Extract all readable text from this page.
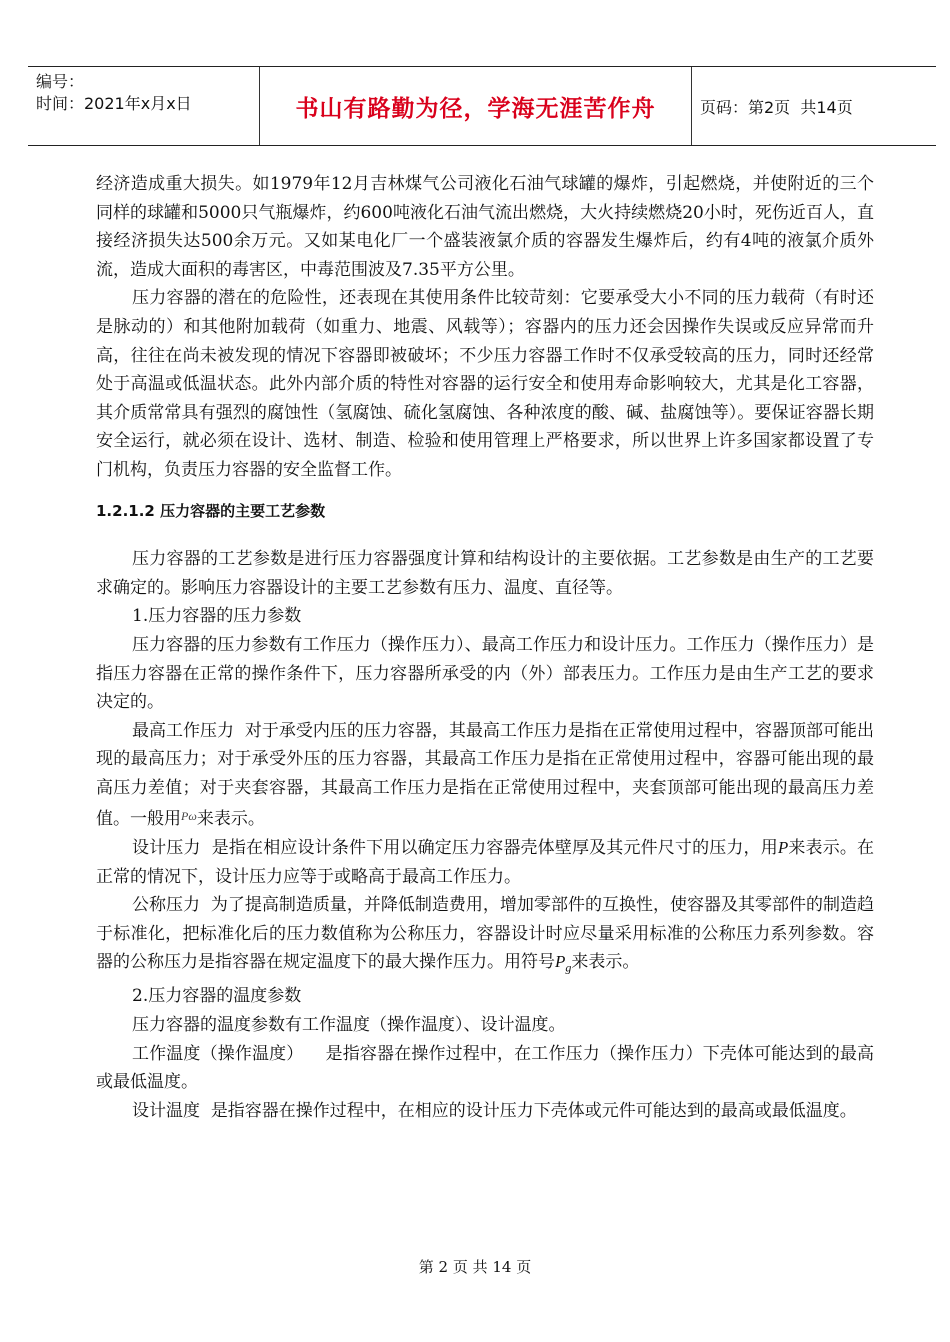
编号：
时间：2021年x月x日	书山有路勤为径，学海无涯苦作舟	页码：第2页  共14页

经济造成重大损失。如1979年12月吉林煤气公司液化石油气球罐的爆炸，引起燃烧，并使附近的三个同样的球罐和5000只气瓶爆炸，约600吨液化石油气流出燃烧，大火持续燃烧20小时，死伤近百人，直接经济损失达500余万元。又如某电化厂一个盛装液氯介质的容器发生爆炸后，约有4吨的液氯介质外流，造成大面积的毒害区，中毒范围波及7.35平方公里。

压力容器的潜在的危险性，还表现在其使用条件比较苛刻：它要承受大小不同的压力载荷（有时还是脉动的）和其他附加载荷（如重力、地震、风载等）；容器内的压力还会因操作失误或反应异常而升高，往往在尚未被发现的情况下容器即被破坏；不少压力容器工作时不仅承受较高的压力，同时还经常处于高温或低温状态。此外内部介质的特性对容器的运行安全和使用寿命影响较大，尤其是化工容器，其介质常常具有强烈的腐蚀性（氢腐蚀、硫化氢腐蚀、各种浓度的酸、碱、盐腐蚀等）。要保证容器长期安全运行，就必须在设计、选材、制造、检验和使用管理上严格要求，所以世界上许多国家都设置了专门机构，负责压力容器的安全监督工作。

1.2.1.2 压力容器的主要工艺参数

压力容器的工艺参数是进行压力容器强度计算和结构设计的主要依据。工艺参数是由生产的工艺要求确定的。影响压力容器设计的主要工艺参数有压力、温度、直径等。

1.压力容器的压力参数

压力容器的压力参数有工作压力（操作压力）、最高工作压力和设计压力。工作压力（操作压力）是指压力容器在正常的操作条件下，压力容器所承受的内（外）部表压力。工作压力是由生产工艺的要求决定的。

最高工作压力 对于承受内压的压力容器，其最高工作压力是指在正常使用过程中，容器顶部可能出现的最高压力；对于承受外压的压力容器，其最高工作压力是指在正常使用过程中，容器可能出现的最高压力差值；对于夹套容器，其最高工作压力是指在正常使用过程中，夹套顶部可能出现的最高压力差值。一般用$^{P\omega}$来表示。

设计压力 是指在相应设计条件下用以确定压力容器壳体壁厚及其元件尺寸的压力，用P来表示。在正常的情况下，设计压力应等于或略高于最高工作压力。

公称压力 为了提高制造质量，并降低制造费用，增加零部件的互换性，使容器及其零部件的制造趋于标准化，把标准化后的压力数值称为公称压力，容器设计时应尽量采用标准的公称压力系列参数。容器的公称压力是指容器在规定温度下的最大操作压力。用符号$P_g$来表示。

2.压力容器的温度参数

压力容器的温度参数有工作温度（操作温度）、设计温度。

工作温度（操作温度） 是指容器在操作过程中，在工作压力（操作压力）下壳体可能达到的最高或最低温度。

设计温度 是指容器在操作过程中，在相应的设计压力下壳体或元件可能达到的最高或最低温度。

第 2 页 共 14 页
